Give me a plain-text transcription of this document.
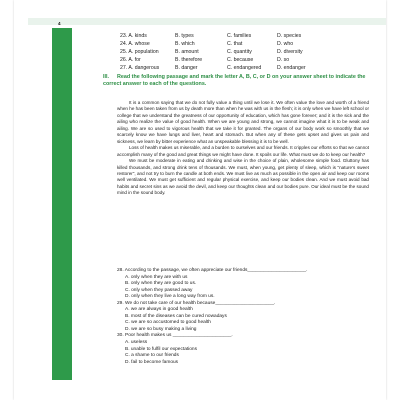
4
23. A. kinds	B. types	C. families	D. species
24. A. whose	B. which	C. that	D. who
25. A. population	B. amount	C. quantity	D. diversity
26. A. for	B. therefore	C. because	D. so
27. A. dangerous	B. danger	C. endangered	D. endanger
III. Read the following passage and mark the letter A, B, C, or D on your answer sheet to indicate the correct answer to each of the questions.

It is a common saying that we do not fully value a thing until we lose it. We often value the love and worth of a friend when he has been taken from us by death more than when he was with us in the flesh; it is only when we have left school or college that we understand the greatness of our opportunity of education, which has gone forever; and it is the sick and the ailing who realize the value of good health. When we are young and strong, we cannot imagine what it is to be weak and ailing. We are so used to vigorous health that we take it for granted. The organs of our body work so smoothly that we scarcely know we have lungs and liver, heart and stomach. But when any of these gets upset and gives us pain and sickness, we learn by bitter experience what an unspeakable blessing it is to be well.

Loss of health makes us miserable, and a burden to ourselves and our friends. It cripples our efforts so that we cannot accomplish many of the good and great things we might have done. It spoils our life. What must we do to keep our health?

We must be moderate in eating and drinking and wise in the choice of plain, wholesome simple food. Gluttony has killed thousands, and strong drink tens of thousands. We must, when young, get plenty of sleep, which is “nature’s sweet restorer”, and not try to burn the candle at both ends. We must live as much as possible in the open air and keep our rooms well ventilated. We must get sufficient and regular physical exercise, and keep our bodies clean. And we must avoid bad habits and secret sins as we avoid the devil, and keep our thoughts clean and our bodies pure. Our ideal must be the sound mind in the sound body.

28. According to the passage, we often appreciate our friends______________________.
A. only when they are with us
B. only when they are good to us.
C. only when they passed away
D. only when they live a long way from us.
29. We do not take care of our health because______________________.
A. we are always in good health
B. most of the diseases can be cured nowadays
C. we are so accustomed to good health
D. we are so busy making a living
30. Poor health makes us ______________________.
A. useless
B. unable to fulfil our expectations
C. a shame to our friends
D. fail to become famous
